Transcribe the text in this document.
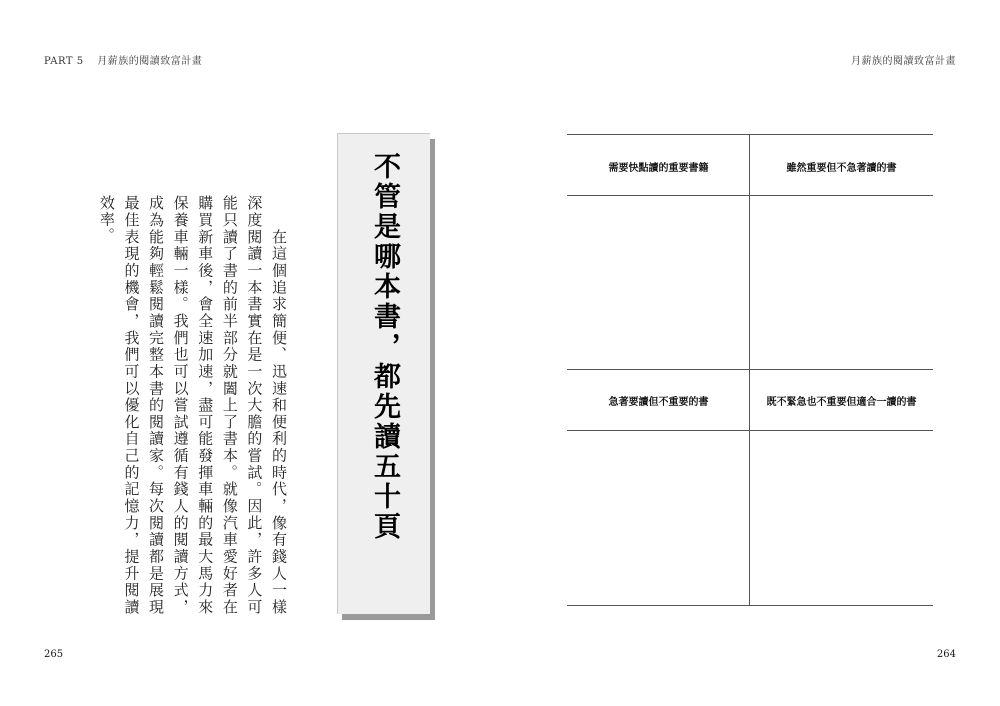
PART 5 月薪族的閱讀致富計畫	月薪族的閱讀致富計畫
　　在這個追求簡便、迅速和便利的時代，像有錢人一樣深度閱讀一本書實在是一次大膽的嘗試。因此，許多人可能只讀了書的前半部分就闔上了書本。就像汽車愛好者在購買新車後，會全速加速，盡可能發揮車輛的最大馬力來保養車輛一樣。我們也可以嘗試遵循有錢人的閱讀方式，成為能夠輕鬆閱讀完整本書的閱讀家。每次閱讀都是展現最佳表現的機會，我們可以優化自己的記憶力，提升閱讀效率。	不管是哪本書，都先讀五十頁	需要快點讀的重要書籍	雖然重要但不急著讀的書
急著要讀但不重要的書	既不緊急也不重要但適合一讀的書
265	264
